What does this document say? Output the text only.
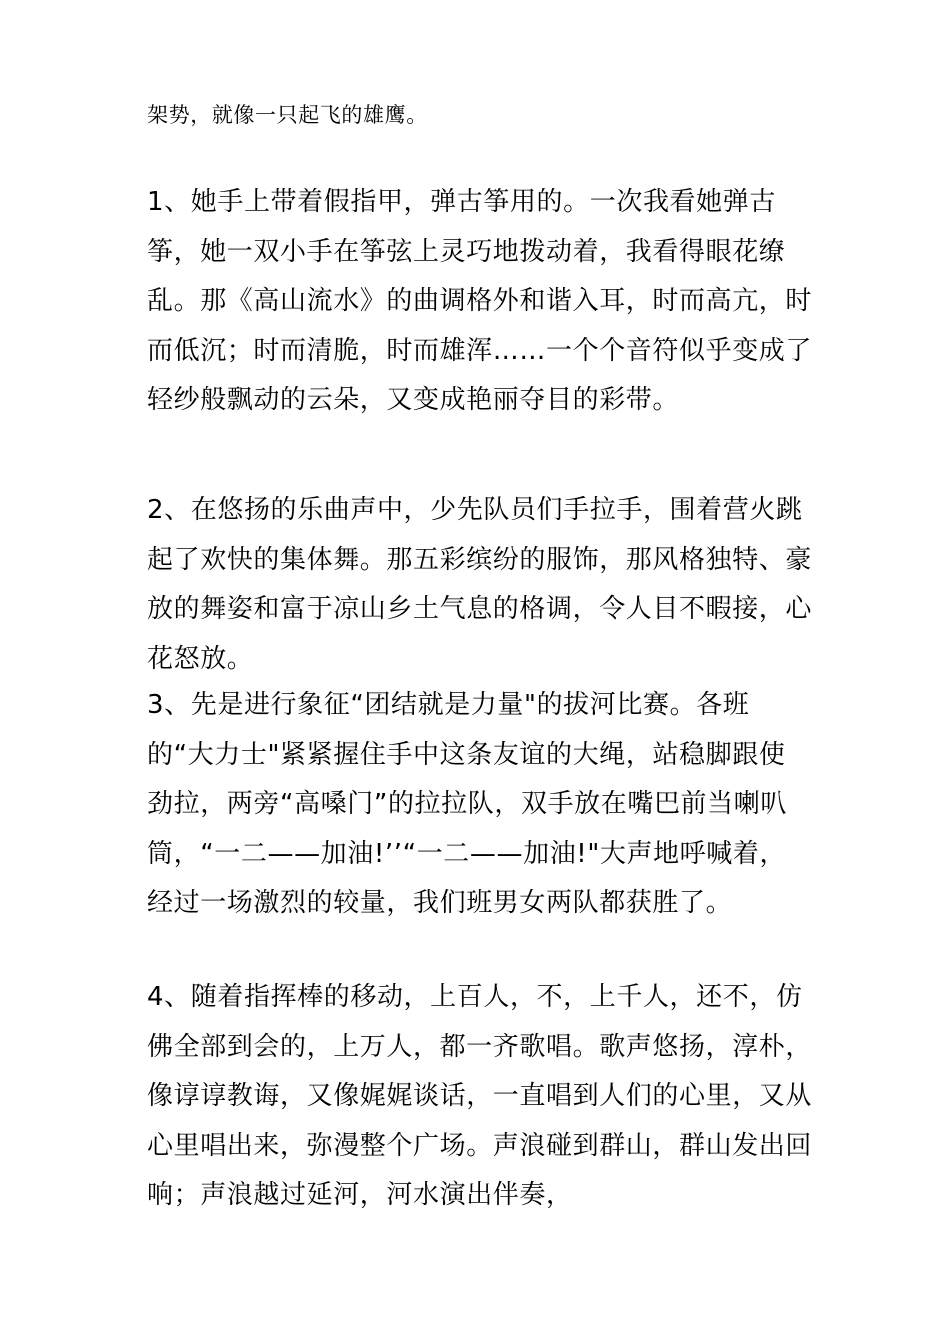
架势，就像一只起飞的雄鹰。

1、她手上带着假指甲，弹古筝用的。一次我看她弹古筝，她一双小手在筝弦上灵巧地拨动着，我看得眼花缭乱。那《高山流水》的曲调格外和谐入耳，时而高亢，时而低沉；时而清脆，时而雄浑……一个个音符似乎变成了轻纱般飘动的云朵，又变成艳丽夺目的彩带。

2、在悠扬的乐曲声中，少先队员们手拉手，围着营火跳起了欢快的集体舞。那五彩缤纷的服饰，那风格独特、豪放的舞姿和富于凉山乡土气息的格调，令人目不暇接，心花怒放。

3、先是进行象征“团结就是力量"的拔河比赛。各班的“大力士"紧紧握住手中这条友谊的大绳，站稳脚跟使劲拉，两旁“高嗓门”的拉拉队，双手放在嘴巴前当喇叭筒，“一二——加油!’’“一二——加油!"大声地呼喊着，经过一场激烈的较量，我们班男女两队都获胜了。

4、随着指挥棒的移动，上百人，不，上千人，还不，仿佛全部到会的，上万人，都一齐歌唱。歌声悠扬，淳朴，像谆谆教诲，又像娓娓谈话，一直唱到人们的心里，又从心里唱出来，弥漫整个广场。声浪碰到群山，群山发出回响；声浪越过延河，河水演出伴奏，
